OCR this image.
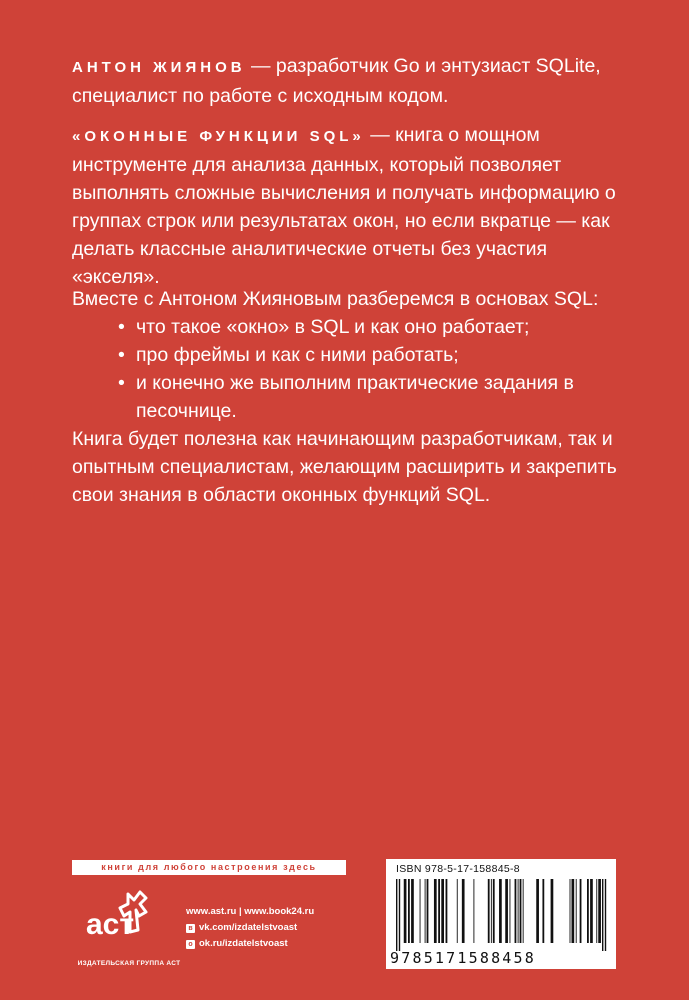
АНТОН ЖИЯНОВ — разработчик Go и энтузиаст SQLite, специалист по работе с исходным кодом.
«ОКОННЫЕ ФУНКЦИИ SQL» — книга о мощном инструменте для анализа данных, который позволяет выполнять сложные вычисления и получать информацию о группах строк или результатах окон, но если вкратце — как делать классные аналитические отчеты без участия «экселя».
Вместе с Антоном Жияновым разберемся в основах SQL:
• что такое «окно» в SQL и как оно работает;
• про фреймы и как с ними работать;
• и конечно же выполним практические задания в песочнице.
Книга будет полезна как начинающим разработчикам, так и опытным специалистам, желающим расширить и закрепить свои знания в области оконных функций SQL.
книги для любого настроения здесь
аст
ИЗДАТЕЛЬСКАЯ ГРУППА АСТ
www.ast.ru | www.book24.ru
в vk.com/ izdatelstvoast
о ok.ru/ izdatelstvoast
ISBN 978-5-17-158845-8
9785171588458
